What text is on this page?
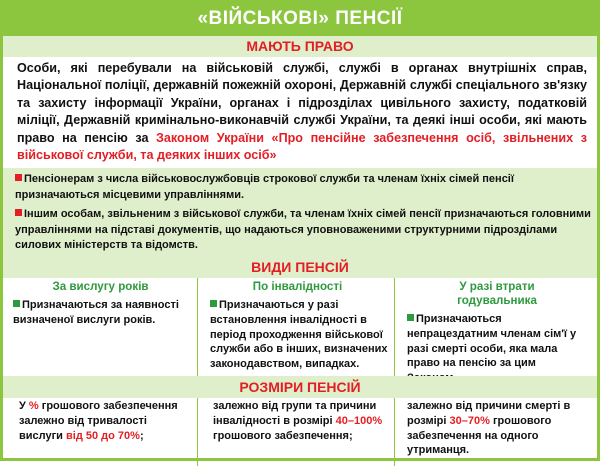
«ВІЙСЬКОВІ» ПЕНСІЇ
МАЮТЬ ПРАВО
Особи, які перебували на військовій службі, службі в органах внутрішніх справ, Національної поліції, державній пожежній охороні, Державній службі спеціального зв'язку та захисту інформації України, органах і підрозділах цивільного захисту, податковій міліції, Державній кримінально-виконавчій службі України, та деякі інші особи, які мають право на пенсію за Законом України «Про пенсійне забезпечення осіб, звільнених з військової служби, та деяких інших осіб»
Пенсіонерам з числа військовослужбовців строкової служби та членам їхніх сімей пенсії призначаються місцевими управліннями.
Іншим особам, звільненим з військової служби, та членам їхніх сімей пенсії призначаються головними управліннями на підставі документів, що надаються уповноваженими структурними підрозділами силових міністерств та відомств.
ВИДИ ПЕНСІЙ
За вислугу років
Призначаються за наявності визначеної вислуги років.
По інвалідності
Призначаються у разі встановлення інвалідності в період проходження військової служби або в інших, визначених законодавством, випадках.
У разі втрати годувальника
Призначаються непрацездатним членам сім'ї у разі смерті особи, яка мала право на пенсію за цим
РОЗМІРИ ПЕНСІЙ
У % грошового забезпечення залежно від тривалості вислуги від 50 до 70%;
залежно від групи та причини інвалідності в розмірі 40–100% грошового забезпечення;
залежно від причини смерті в розмірі 30–70% грошового забезпечення на одного утриманця.
